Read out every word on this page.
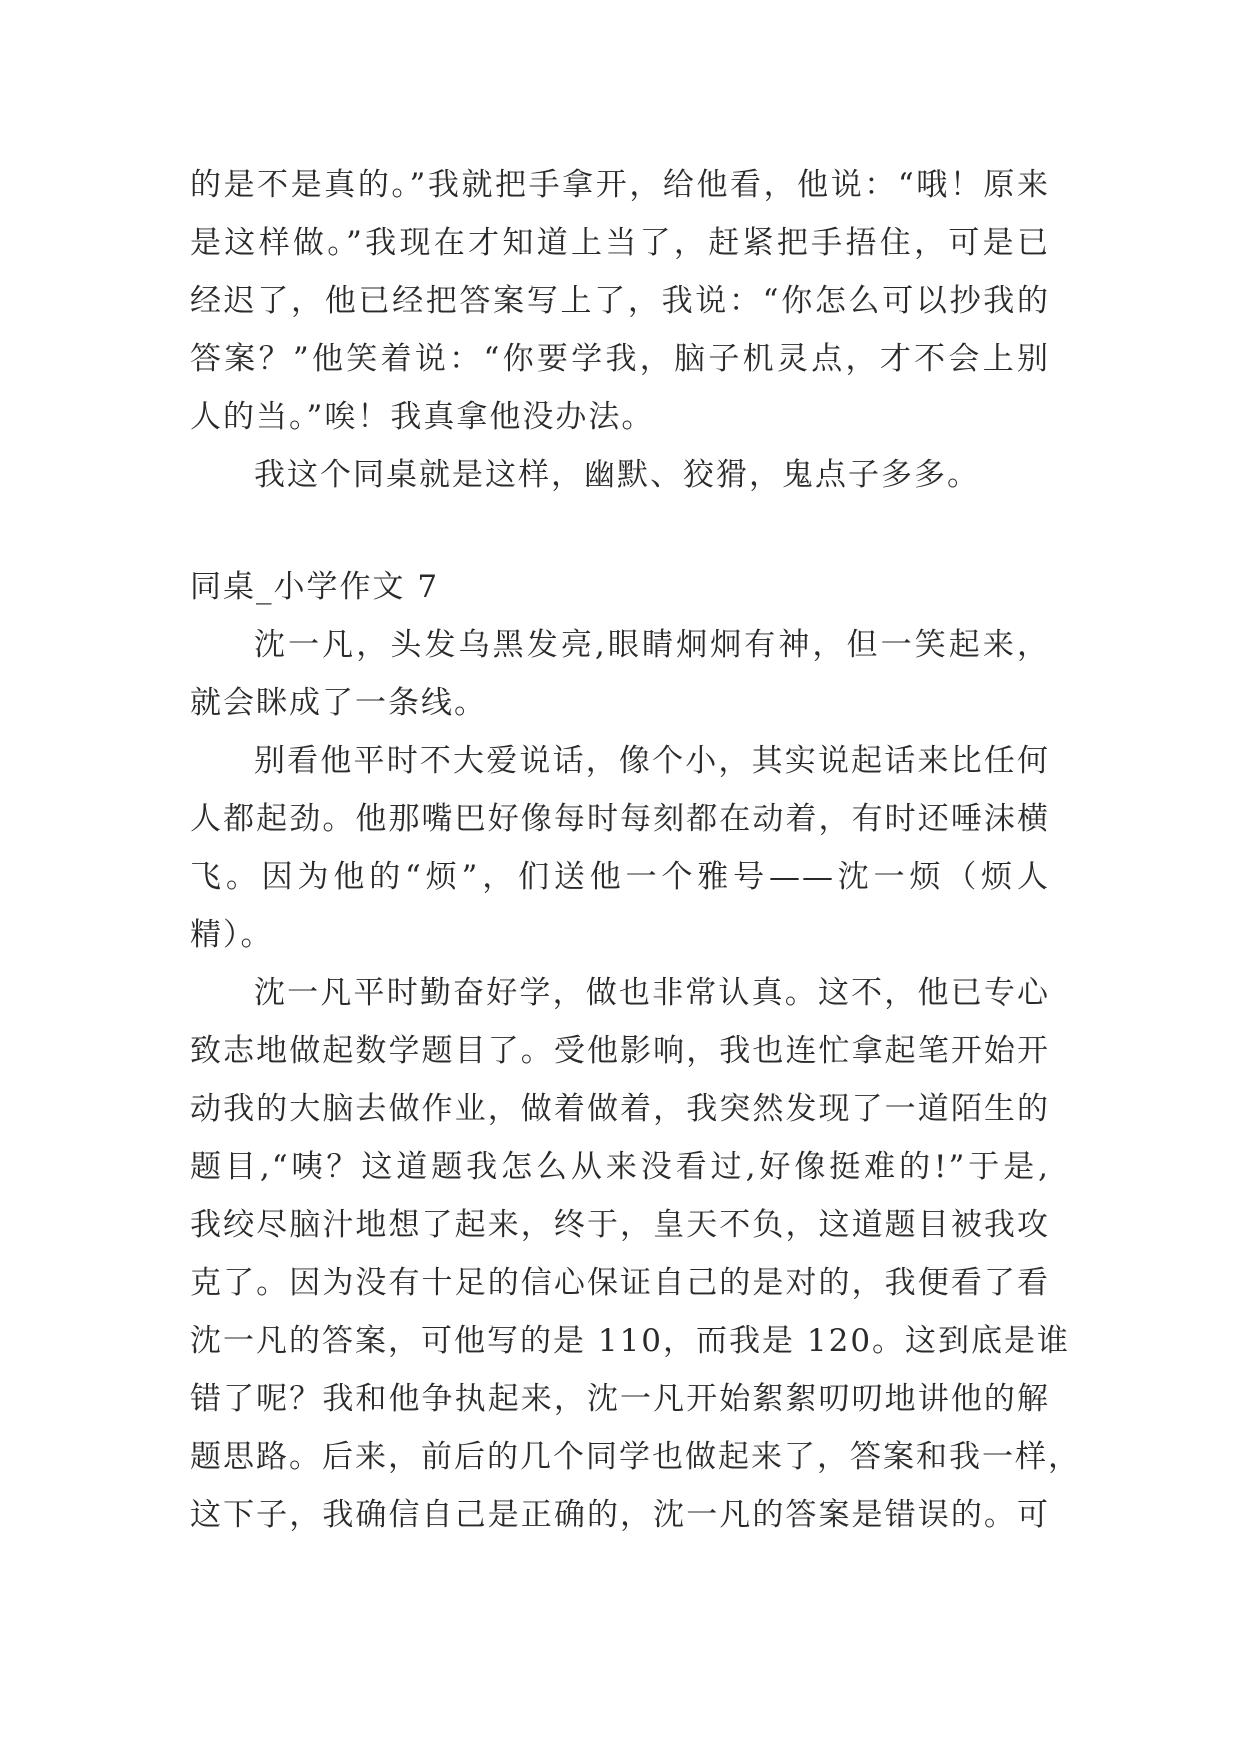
的是不是真的。”我就把手拿开，给他看，他说：“哦！原来
是这样做。”我现在才知道上当了，赶紧把手捂住，可是已
经迟了，他已经把答案写上了，我说：“你怎么可以抄我的
答案？”他笑着说：“你要学我，脑子机灵点，才不会上别
人的当。”唉！我真拿他没办法。
我这个同桌就是这样，幽默、狡猾，鬼点子多多。
同桌_小学作文 7
沈一凡，头发乌黑发亮,眼睛炯炯有神，但一笑起来，
就会眯成了一条线。
别看他平时不大爱说话，像个小，其实说起话来比任何
人都起劲。他那嘴巴好像每时每刻都在动着，有时还唾沫横
飞。因为他的“烦”，们送他一个雅号——沈一烦（烦人
精）。
沈一凡平时勤奋好学，做也非常认真。这不，他已专心
致志地做起数学题目了。受他影响，我也连忙拿起笔开始开
动我的大脑去做作业，做着做着，我突然发现了一道陌生的
题目,“咦？这道题我怎么从来没看过,好像挺难的!”于是,
我绞尽脑汁地想了起来，终于，皇天不负，这道题目被我攻
克了。因为没有十足的信心保证自己的是对的，我便看了看
沈一凡的答案，可他写的是 110，而我是 120。这到底是谁
错了呢？我和他争执起来，沈一凡开始絮絮叨叨地讲他的解
题思路。后来，前后的几个同学也做起来了，答案和我一样，
这下子，我确信自己是正确的，沈一凡的答案是错误的。可
